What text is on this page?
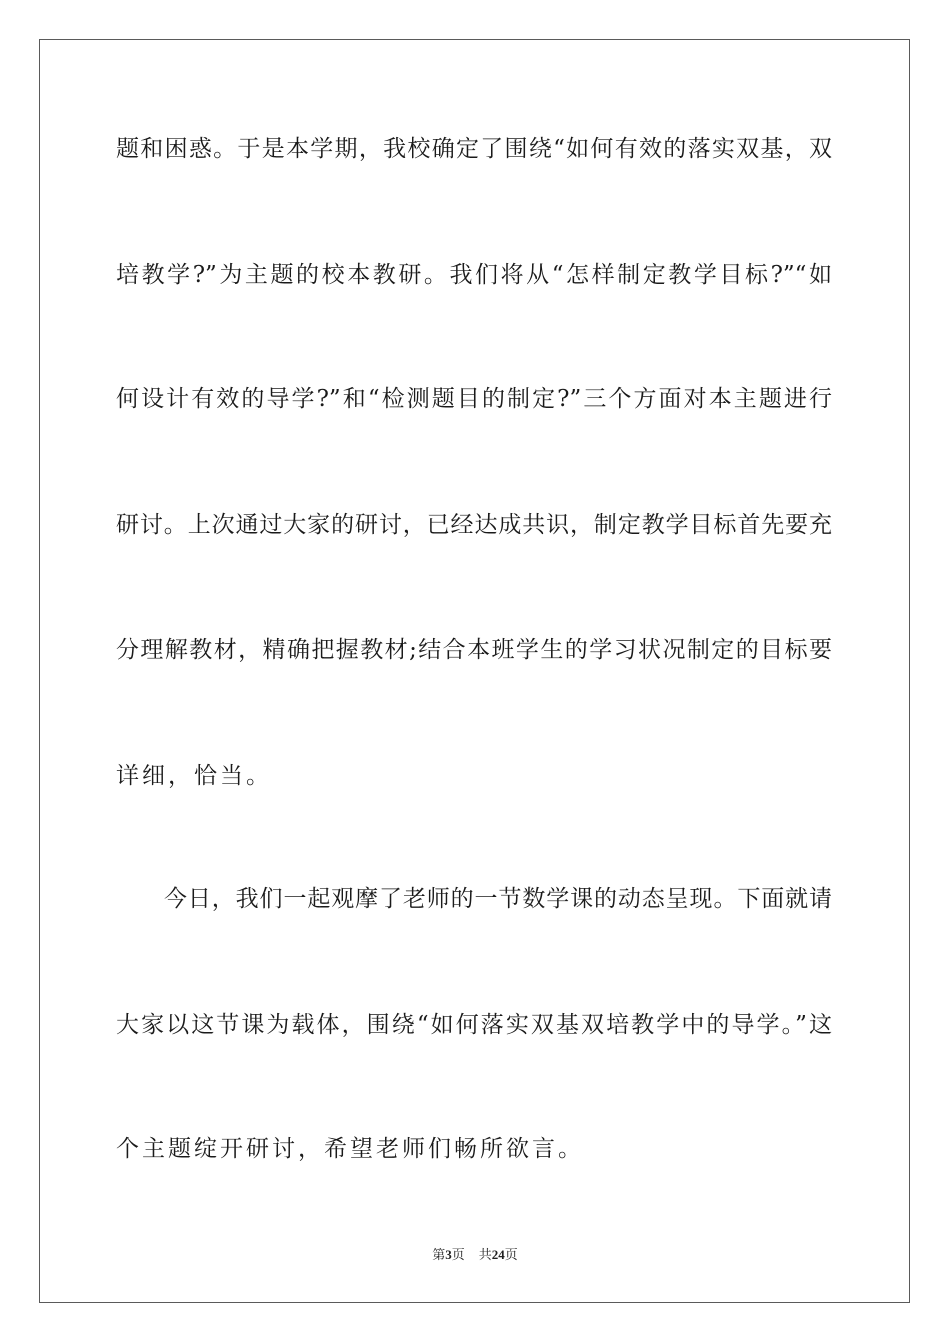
题和困惑。于是本学期，我校确定了围绕“如何有效的落实双基，双
培教学?”为主题的校本教研。我们将从“怎样制定教学目标?”“如
何设计有效的导学?”和“检测题目的制定?”三个方面对本主题进行
研讨。上次通过大家的研讨，已经达成共识，制定教学目标首先要充
分理解教材，精确把握教材;结合本班学生的学习状况制定的目标要
详细，恰当。
今日，我们一起观摩了老师的一节数学课的动态呈现。下面就请
大家以这节课为载体，围绕“如何落实双基双培教学中的导学。”这
个主题绽开研讨，希望老师们畅所欲言。
第3页 共24页
